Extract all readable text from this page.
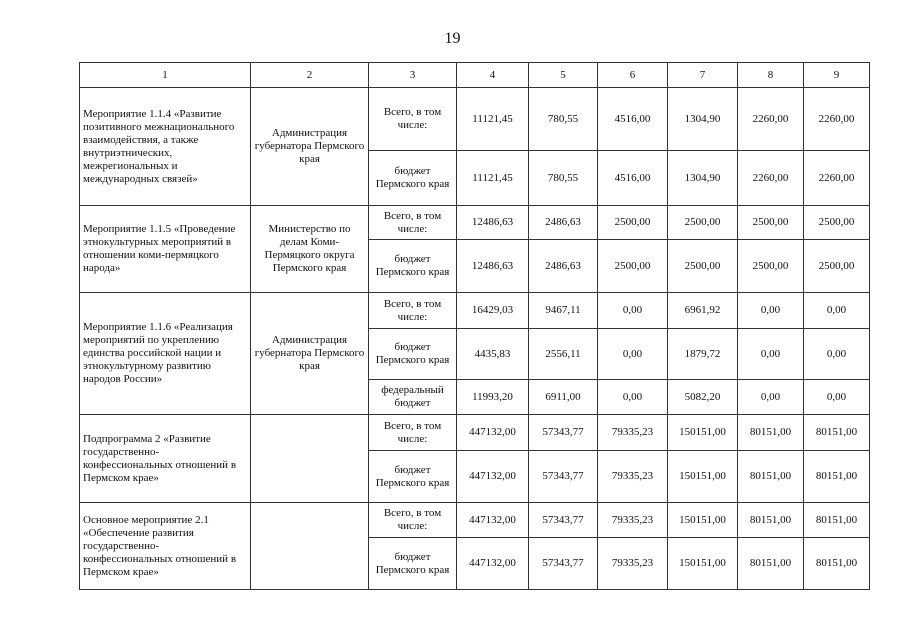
19
1	2	3	4	5	6	7	8	9
Мероприятие 1.1.4 «Развитие позитивного межнационального взаимодействия, а также внутриэтнических, межрегиональных и международных связей»	Администрация губернатора Пермского края	Всего, в том числе:	11121,45	780,55	4516,00	1304,90	2260,00	2260,00
		бюджет Пермского края	11121,45	780,55	4516,00	1304,90	2260,00	2260,00
Мероприятие 1.1.5 «Проведение этнокультурных мероприятий в отношении коми-пермяцкого народа»	Министерство по делам Коми-Пермяцкого округа Пермского края	Всего, в том числе:	12486,63	2486,63	2500,00	2500,00	2500,00	2500,00
		бюджет Пермского края	12486,63	2486,63	2500,00	2500,00	2500,00	2500,00
Мероприятие 1.1.6 «Реализация мероприятий по укреплению единства российской нации и этнокультурному развитию народов России»	Администрация губернатора Пермского края	Всего, в том числе:	16429,03	9467,11	0,00	6961,92	0,00	0,00
		бюджет Пермского края	4435,83	2556,11	0,00	1879,72	0,00	0,00
		федеральный бюджет	11993,20	6911,00	0,00	5082,20	0,00	0,00
Подпрограмма 2 «Развитие государственно-конфессиональных отношений в Пермском крае»		Всего, в том числе:	447132,00	57343,77	79335,23	150151,00	80151,00	80151,00
		бюджет Пермского края	447132,00	57343,77	79335,23	150151,00	80151,00	80151,00
Основное мероприятие 2.1 «Обеспечение развития государственно-конфессиональных отношений в Пермском крае»		Всего, в том числе:	447132,00	57343,77	79335,23	150151,00	80151,00	80151,00
		бюджет Пермского края	447132,00	57343,77	79335,23	150151,00	80151,00	80151,00
